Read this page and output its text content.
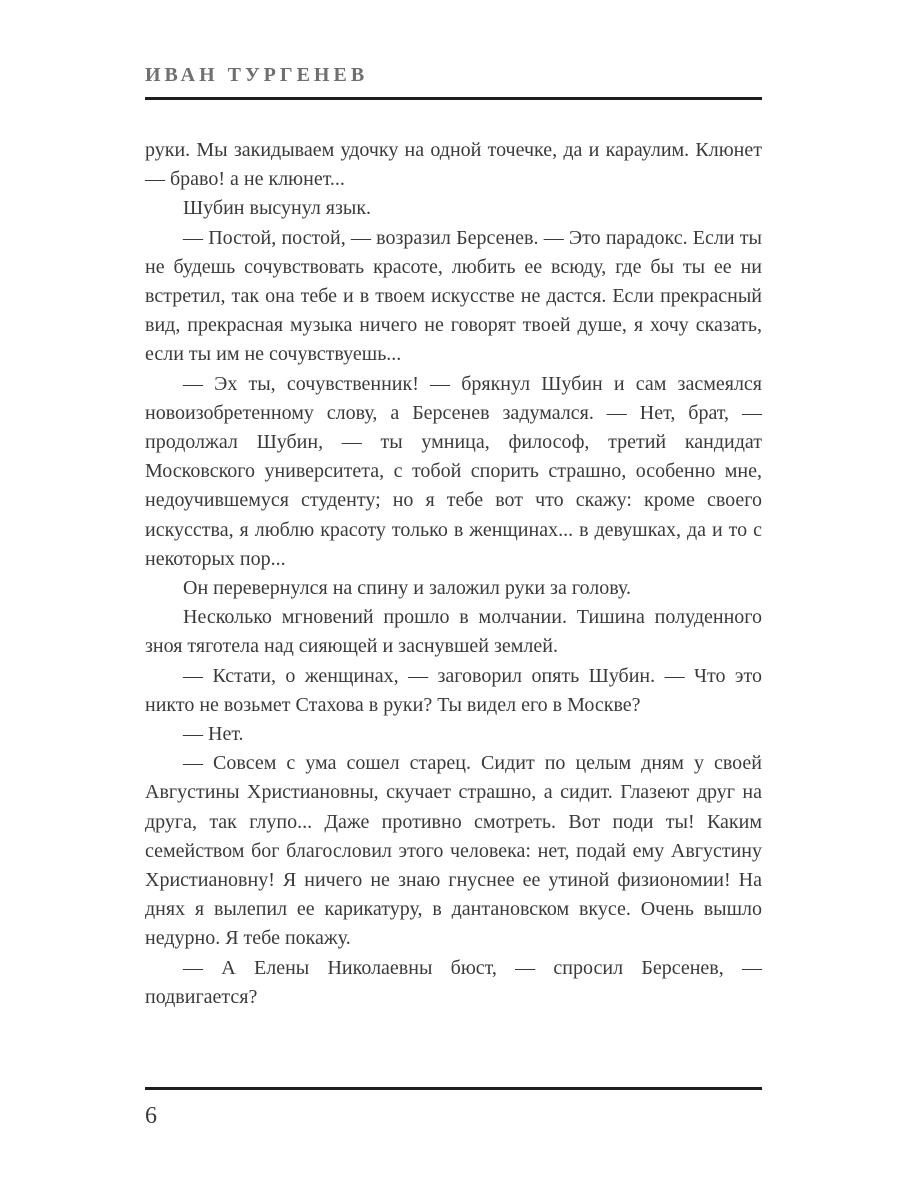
ИВАН ТУРГЕНЕВ

руки. Мы закидываем удочку на одной точечке, да и караулим. Клюнет — браво! а не клюнет...

Шубин высунул язык.

— Постой, постой, — возразил Берсенев. — Это парадокс. Если ты не будешь сочувствовать красоте, любить ее всюду, где бы ты ее ни встретил, так она тебе и в твоем искусстве не дастся. Если прекрасный вид, прекрасная музыка ничего не говорят твоей душе, я хочу сказать, если ты им не сочувствуешь...

— Эх ты, сочувственник! — брякнул Шубин и сам засмеялся новоизобретенному слову, а Берсенев задумался. — Нет, брат, — продолжал Шубин, — ты умница, философ, третий кандидат Московского университета, с тобой спорить страшно, особенно мне, недоучившемуся студенту; но я тебе вот что скажу: кроме своего искусства, я люблю красоту только в женщинах... в девушках, да и то с некоторых пор...

Он перевернулся на спину и заложил руки за голову.

Несколько мгновений прошло в молчании. Тишина полуденного зноя тяготела над сияющей и заснувшей землей.

— Кстати, о женщинах, — заговорил опять Шубин. — Что это никто не возьмет Стахова в руки? Ты видел его в Москве?

— Нет.

— Совсем с ума сошел старец. Сидит по целым дням у своей Августины Христиановны, скучает страшно, а сидит. Глазеют друг на друга, так глупо... Даже противно смотреть. Вот поди ты! Каким семейством бог благословил этого человека: нет, подай ему Августину Христиановну! Я ничего не знаю гнуснее ее утиной физиономии! На днях я вылепил ее карикатуру, в дантановском вкусе. Очень вышло недурно. Я тебе покажу.

— А Елены Николаевны бюст, — спросил Берсенев, — подвигается?

6
